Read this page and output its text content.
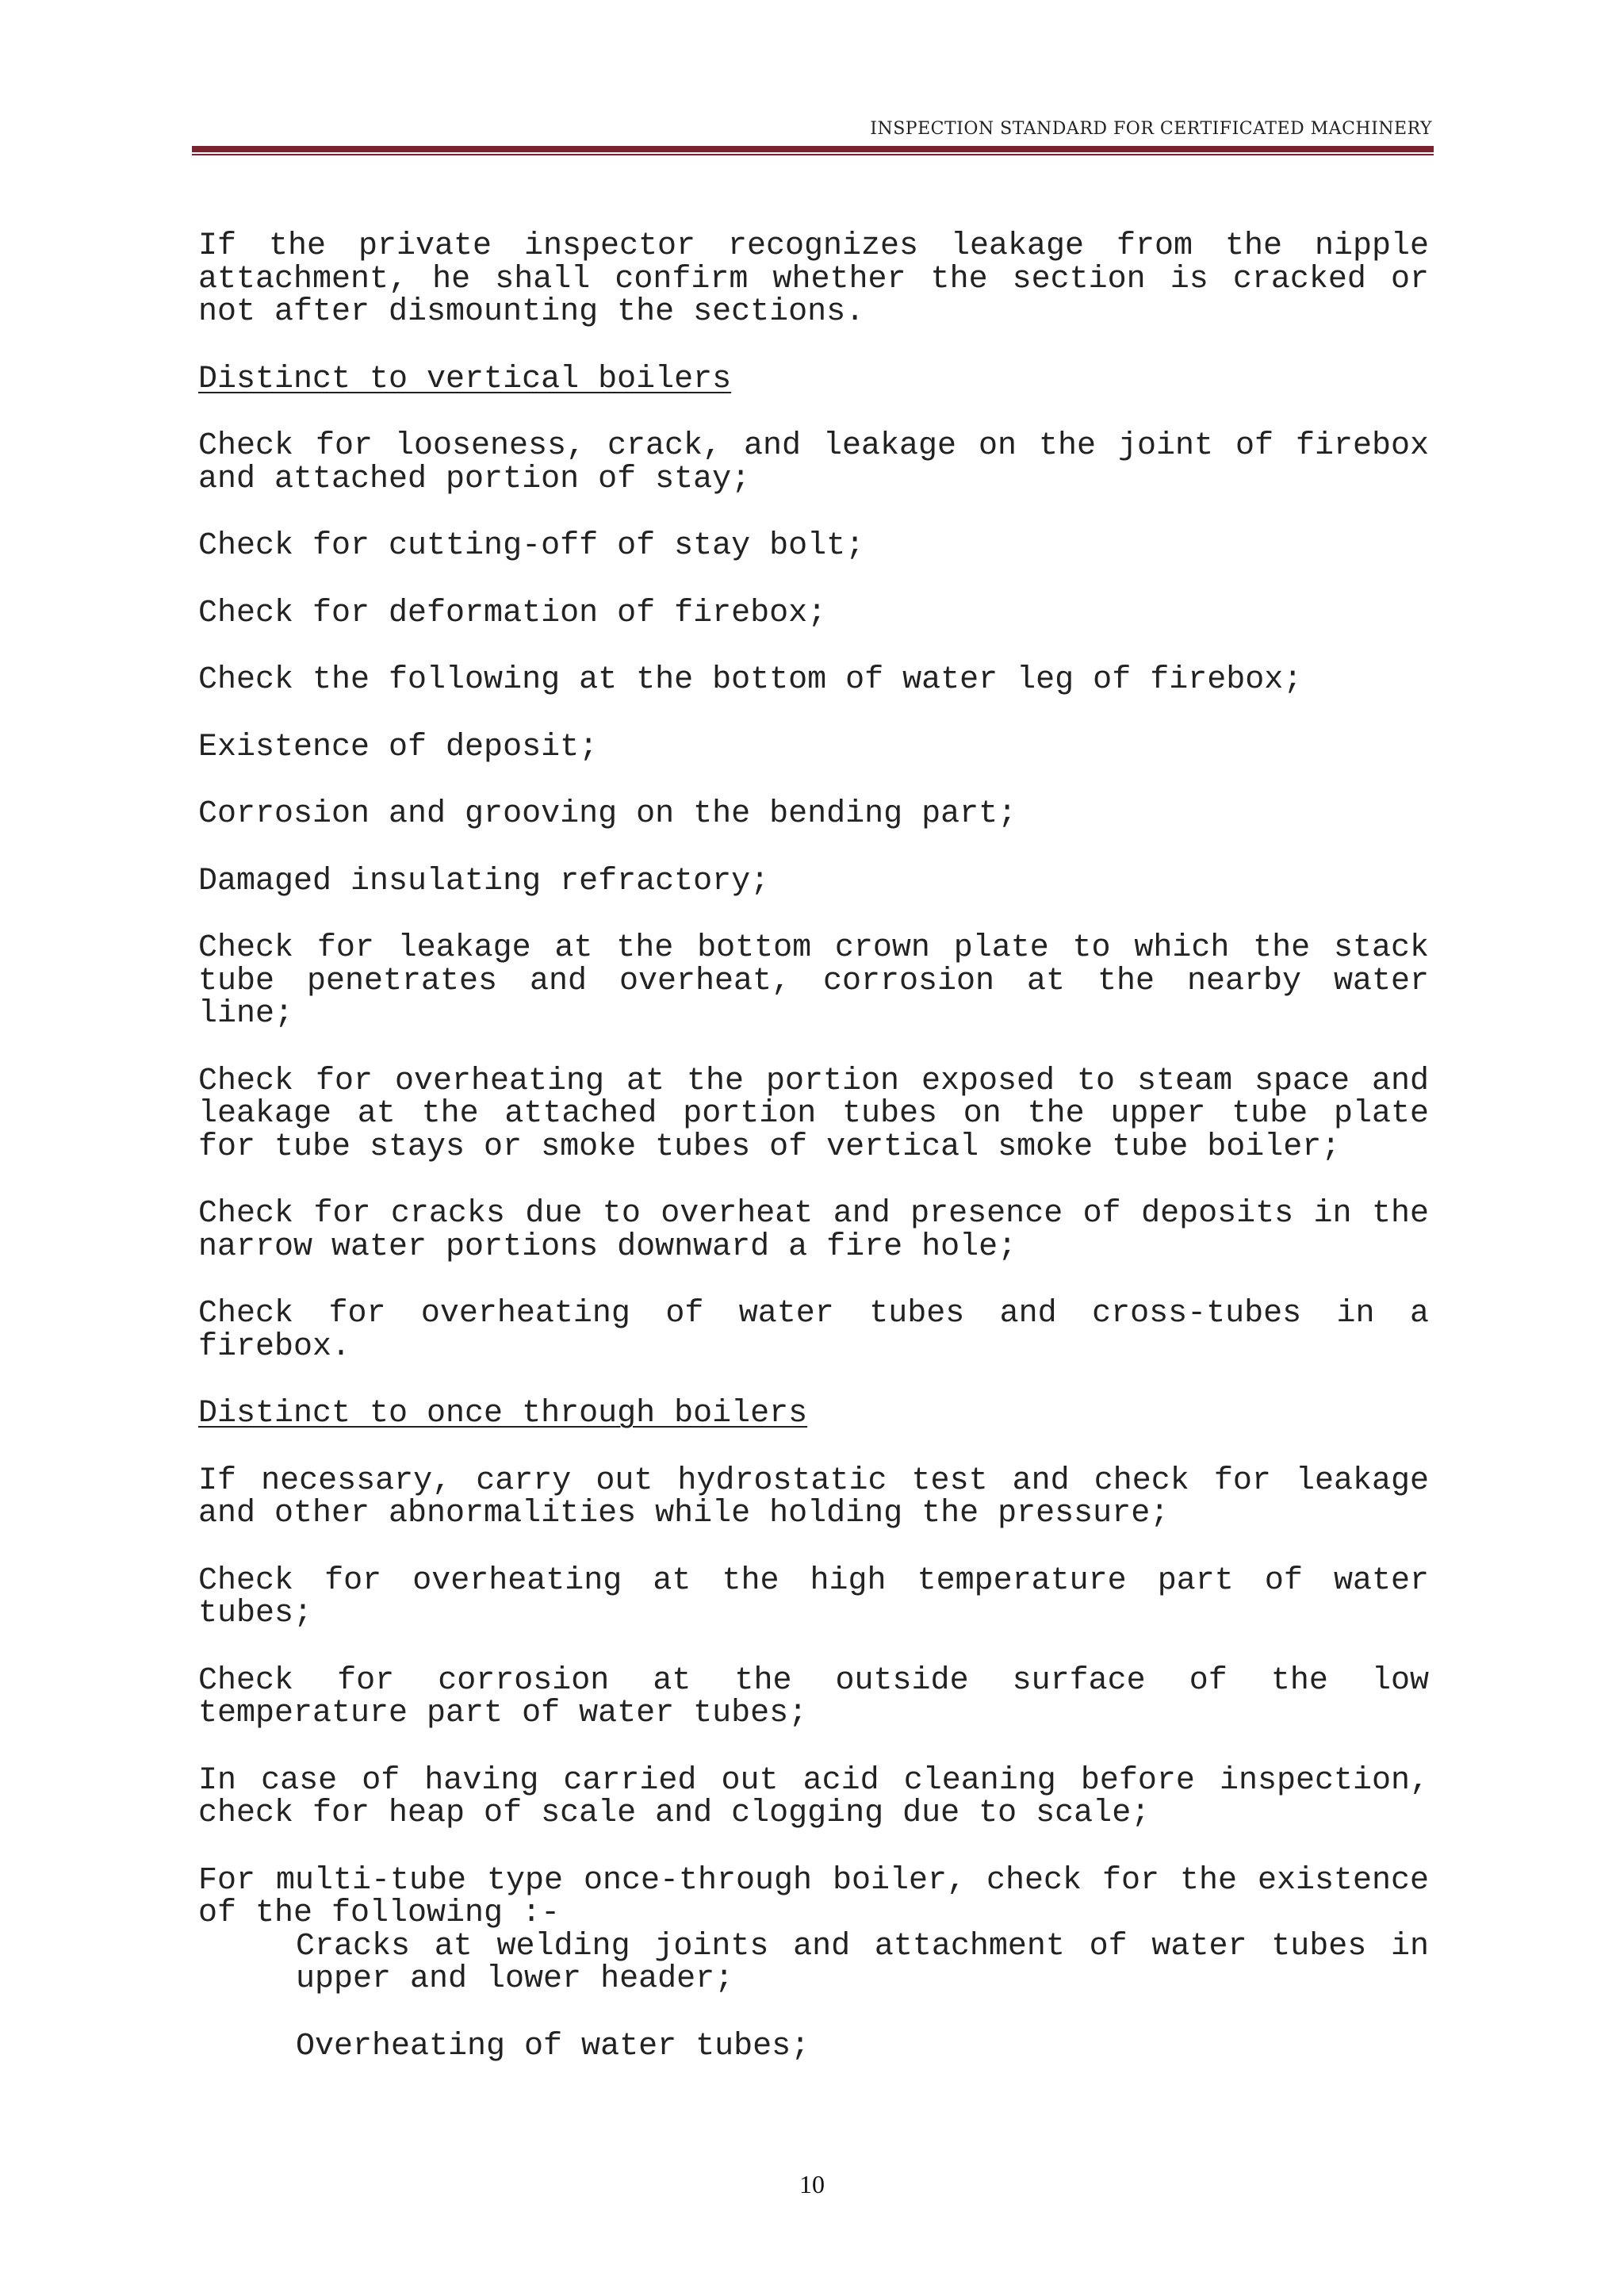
INSPECTION STANDARD FOR CERTIFICATED MACHINERY

If the private inspector recognizes leakage from the nipple attachment, he shall confirm whether the section is cracked or not after dismounting the sections.

Distinct to vertical boilers

Check for looseness, crack, and leakage on the joint of firebox and attached portion of stay;

Check for cutting-off of stay bolt;

Check for deformation of firebox;

Check the following at the bottom of water leg of firebox;

Existence of deposit;

Corrosion and grooving on the bending part;

Damaged insulating refractory;

Check for leakage at the bottom crown plate to which the stack tube penetrates and overheat, corrosion at the nearby water line;

Check for overheating at the portion exposed to steam space and leakage at the attached portion tubes on the upper tube plate for tube stays or smoke tubes of vertical smoke tube boiler;

Check for cracks due to overheat and presence of deposits in the narrow water portions downward a fire hole;

Check for overheating of water tubes and cross-tubes in a firebox.

Distinct to once through boilers

If necessary, carry out hydrostatic test and check for leakage and other abnormalities while holding the pressure;

Check for overheating at the high temperature part of water tubes;

Check for corrosion at the outside surface of the low temperature part of water tubes;

In case of having carried out acid cleaning before inspection, check for heap of scale and clogging due to scale;

For multi-tube type once-through boiler, check for the existence of the following :-

Cracks at welding joints and attachment of water tubes in upper and lower header;

Overheating of water tubes;

10
